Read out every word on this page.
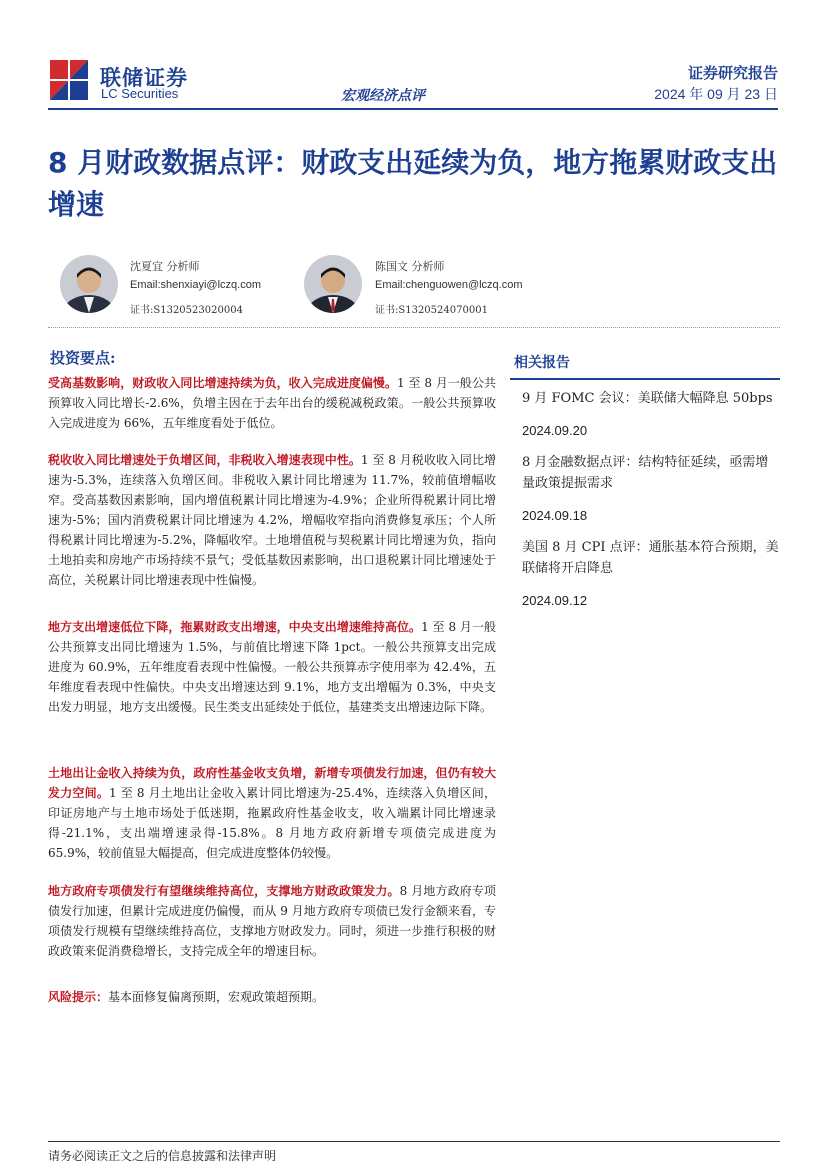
联储证券
LC Securities	宏观经济点评
证券研究报告
2024 年 09 月 23 日
8 月财政数据点评：财政支出延续为负，地方拖累财政支出增速
沈夏宜 分析师
Email:shenxiayi@lczq.com
证书:S1320523020004
陈国文 分析师
Email:chenguowen@lczq.com
证书:S1320524070001
投资要点:
受高基数影响，财政收入同比增速持续为负，收入完成进度偏慢。1 至 8 月一般公共预算收入同比增长-2.6%，负增主因在于去年出台的缓税减税政策。一般公共预算收入完成进度为 66%，五年维度看处于低位。
税收收入同比增速处于负增区间，非税收入增速表现中性。1 至 8 月税收收入同比增速为-5.3%，连续落入负增区间。非税收入累计同比增速为 11.7%，较前值增幅收窄。受高基数因素影响，国内增值税累计同比增速为-4.9%；企业所得税累计同比增速为-5%；国内消费税累计同比增速为 4.2%，增幅收窄指向消费修复承压；个人所得税累计同比增速为-5.2%，降幅收窄。土地增值税与契税累计同比增速为负，指向土地拍卖和房地产市场持续不景气；受低基数因素影响，出口退税累计同比增速处于高位，关税累计同比增速表现中性偏慢。
地方支出增速低位下降，拖累财政支出增速，中央支出增速维持高位。1 至 8 月一般公共预算支出同比增速为 1.5%，与前值比增速下降 1pct。一般公共预算支出完成进度为 60.9%，五年维度看表现中性偏慢。一般公共预算赤字使用率为 42.4%，五年维度看表现中性偏快。中央支出增速达到 9.1%，地方支出增幅为 0.3%，中央支出发力明显，地方支出缓慢。民生类支出延续处于低位，基建类支出增速边际下降。
土地出让金收入持续为负，政府性基金收支负增，新增专项债发行加速，但仍有较大发力空间。1 至 8 月土地出让金收入累计同比增速为-25.4%，连续落入负增区间，印证房地产与土地市场处于低迷期，拖累政府性基金收支，收入端累计同比增速录得-21.1%，支出端增速录得-15.8%。8 月地方政府新增专项债完成进度为 65.9%，较前值显大幅提高，但完成进度整体仍较慢。
地方政府专项债发行有望继续维持高位，支撑地方财政政策发力。8 月地方政府专项债发行加速，但累计完成进度仍偏慢，而从 9 月地方政府专项债已发行金额来看，专项债发行规模有望继续维持高位，支撑地方财政发力。同时，须进一步推行积极的财政政策来促消费稳增长，支持完成全年的增速目标。
风险提示：基本面修复偏离预期，宏观政策超预期。
相关报告
9 月 FOMC 会议：美联储大幅降息 50bps
2024.09.20
8 月金融数据点评：结构特征延续，亟需增量政策提振需求
2024.09.18
美国 8 月 CPI 点评：通胀基本符合预期，美联储将开启降息
2024.09.12
请务必阅读正文之后的信息披露和法律声明
